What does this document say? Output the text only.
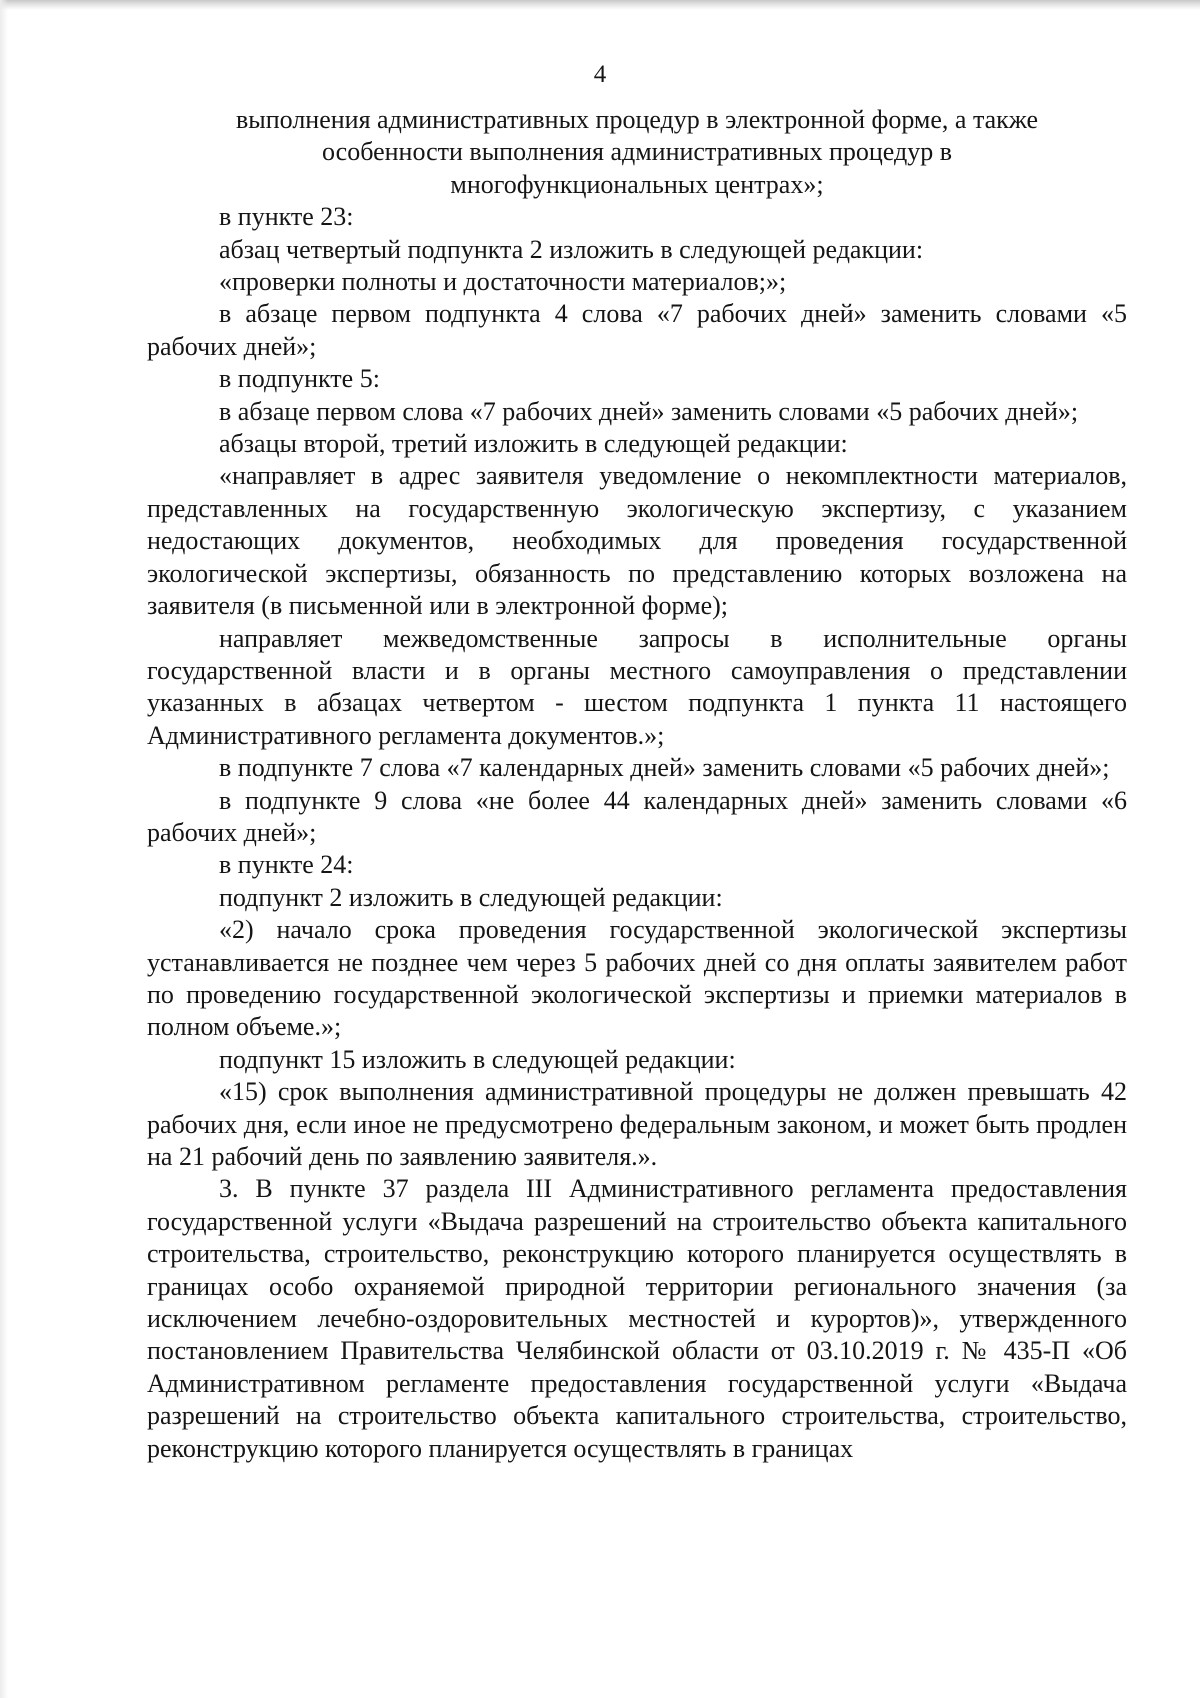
4

выполнения административных процедур в электронной форме, а также

особенности выполнения административных процедур в

многофункциональных центрах»;

в пункте 23:

абзац четвертый подпункта 2 изложить в следующей редакции:

«проверки полноты и достаточности материалов;»;

в абзаце первом подпункта 4 слова «7 рабочих дней» заменить словами «5 рабочих дней»;

в подпункте 5:

в абзаце первом слова «7 рабочих дней» заменить словами «5 рабочих дней»;

абзацы второй, третий изложить в следующей редакции:

«направляет в адрес заявителя уведомление о некомплектности материалов, представленных на государственную экологическую экспертизу, с указанием недостающих документов, необходимых для проведения государственной экологической экспертизы, обязанность по представлению которых возложена на заявителя (в письменной или в электронной форме);

направляет межведомственные запросы в исполнительные органы государственной власти и в органы местного самоуправления о представлении указанных в абзацах четвертом - шестом подпункта 1 пункта 11 настоящего Административного регламента документов.»;

в подпункте 7 слова «7 календарных дней» заменить словами «5 рабочих дней»;

в подпункте 9 слова «не более 44 календарных дней» заменить словами «6 рабочих дней»;

в пункте 24:

подпункт 2 изложить в следующей редакции:

«2) начало срока проведения государственной экологической экспертизы устанавливается не позднее чем через 5 рабочих дней со дня оплаты заявителем работ по проведению государственной экологической экспертизы и приемки материалов в полном объеме.»;

подпункт 15 изложить в следующей редакции:

«15) срок выполнения административной процедуры не должен превышать 42 рабочих дня, если иное не предусмотрено федеральным законом, и может быть продлен на 21 рабочий день по заявлению заявителя.».

3. В пункте 37 раздела III Административного регламента предоставления государственной услуги «Выдача разрешений на строительство объекта капитального строительства, строительство, реконструкцию которого планируется осуществлять в границах особо охраняемой природной территории регионального значения (за исключением лечебно-оздоровительных местностей и курортов)», утвержденного постановлением Правительства Челябинской области от 03.10.2019 г. № 435-П «Об Административном регламенте предоставления государственной услуги «Выдача разрешений на строительство объекта капитального строительства, строительство, реконструкцию которого планируется осуществлять в границах
